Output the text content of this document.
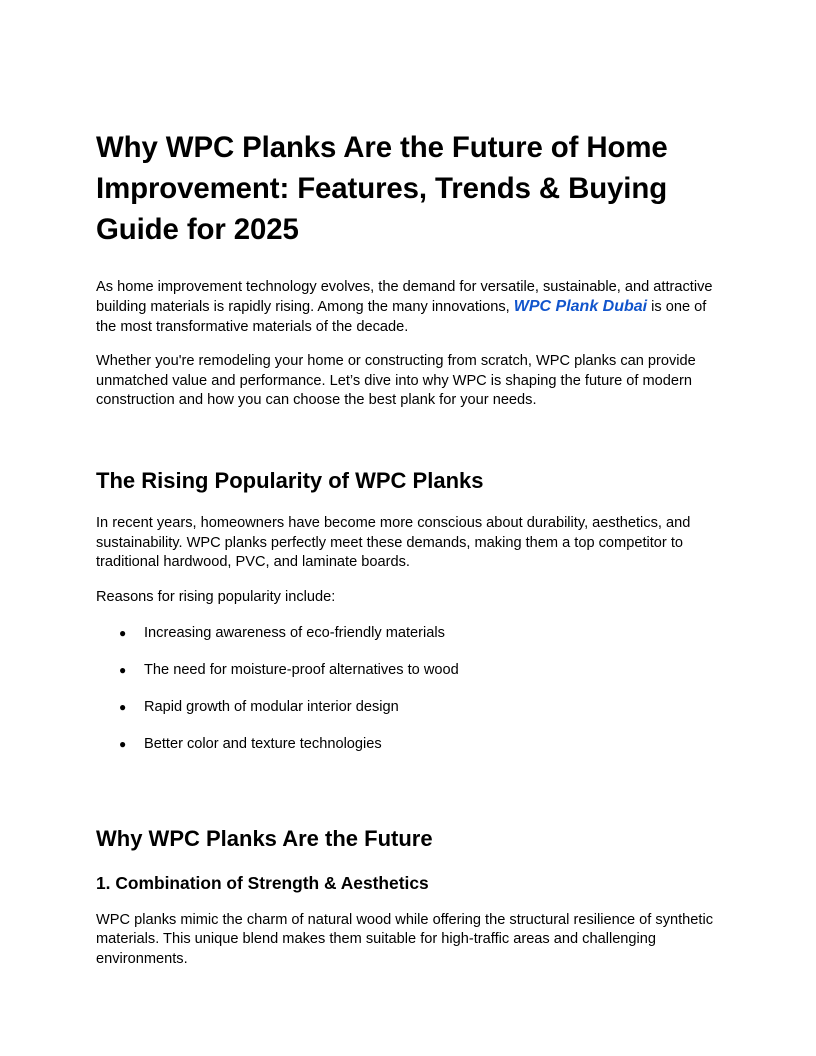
Why WPC Planks Are the Future of Home Improvement: Features, Trends & Buying Guide for 2025

As home improvement technology evolves, the demand for versatile, sustainable, and attractive building materials is rapidly rising. Among the many innovations, WPC Plank Dubai is one of the most transformative materials of the decade.

Whether you're remodeling your home or constructing from scratch, WPC planks can provide unmatched value and performance. Let’s dive into why WPC is shaping the future of modern construction and how you can choose the best plank for your needs.

The Rising Popularity of WPC Planks

In recent years, homeowners have become more conscious about durability, aesthetics, and sustainability. WPC planks perfectly meet these demands, making them a top competitor to traditional hardwood, PVC, and laminate boards.

Reasons for rising popularity include:

● Increasing awareness of eco-friendly materials
● The need for moisture-proof alternatives to wood
● Rapid growth of modular interior design
● Better color and texture technologies
Why WPC Planks Are the Future
1. Combination of Strength & Aesthetics

WPC planks mimic the charm of natural wood while offering the structural resilience of synthetic materials. This unique blend makes them suitable for high-traffic areas and challenging environments.
